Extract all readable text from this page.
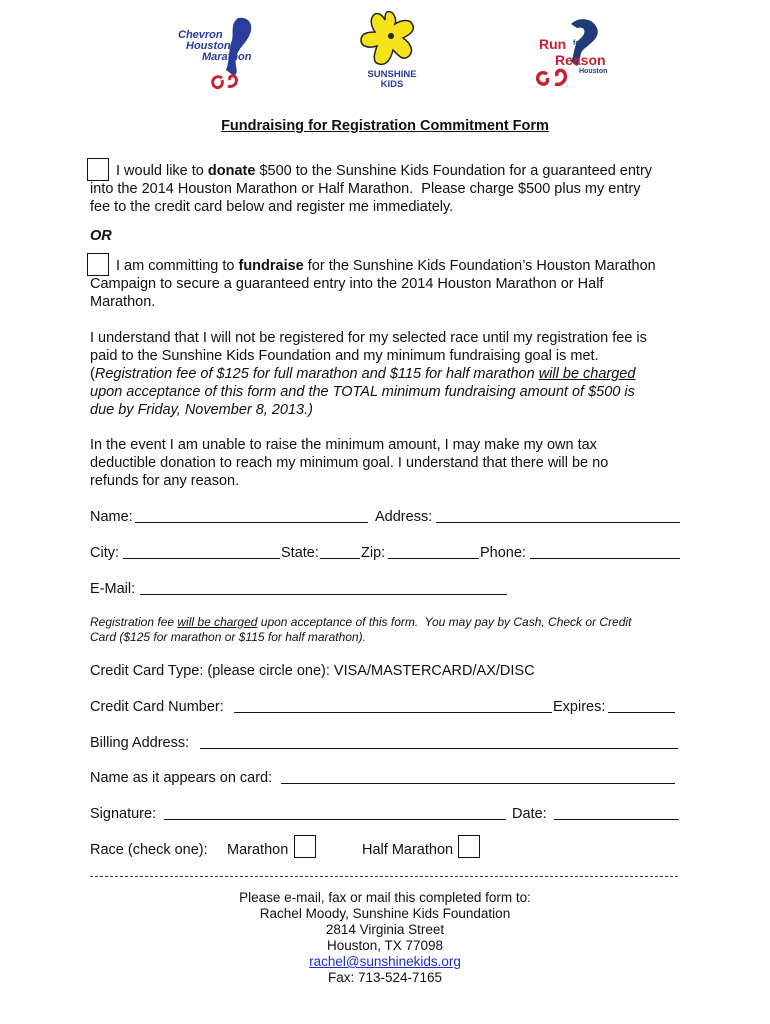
Chevron
Houston
Marathon
SUNSHINE
KIDS
Run for a
Reason
Houston
Fundraising for Registration Commitment Form
I would like to donate $500 to the Sunshine Kids Foundation for a guaranteed entry
into the 2014 Houston Marathon or Half Marathon.  Please charge $500 plus my entry
fee to the credit card below and register me immediately.
OR
I am committing to fundraise for the Sunshine Kids Foundation’s Houston Marathon
Campaign to secure a guaranteed entry into the 2014 Houston Marathon or Half
Marathon.
I understand that I will not be registered for my selected race until my registration fee is
paid to the Sunshine Kids Foundation and my minimum fundraising goal is met.
(Registration fee of $125 for full marathon and $115 for half marathon will be charged
upon acceptance of this form and the TOTAL minimum fundraising amount of $500 is
due by Friday, November 8, 2013.)
In the event I am unable to raise the minimum amount, I may make my own tax
deductible donation to reach my minimum goal. I understand that there will be no
refunds for any reason.
Name:	Address:
City:	State:	Zip:	Phone:
E-Mail:
Registration fee will be charged upon acceptance of this form.  You may pay by Cash, Check or Credit
Card ($125 for marathon or $115 for half marathon).
Credit Card Type: (please circle one): VISA/MASTERCARD/AX/DISC
Credit Card Number:	Expires:
Billing Address:
Name as it appears on card:
Signature:	Date:
Race (check one): Marathon	Half Marathon
Please e-mail, fax or mail this completed form to:
Rachel Moody, Sunshine Kids Foundation
2814 Virginia Street
Houston, TX 77098
rachel@sunshinekids.org
Fax: 713-524-7165
